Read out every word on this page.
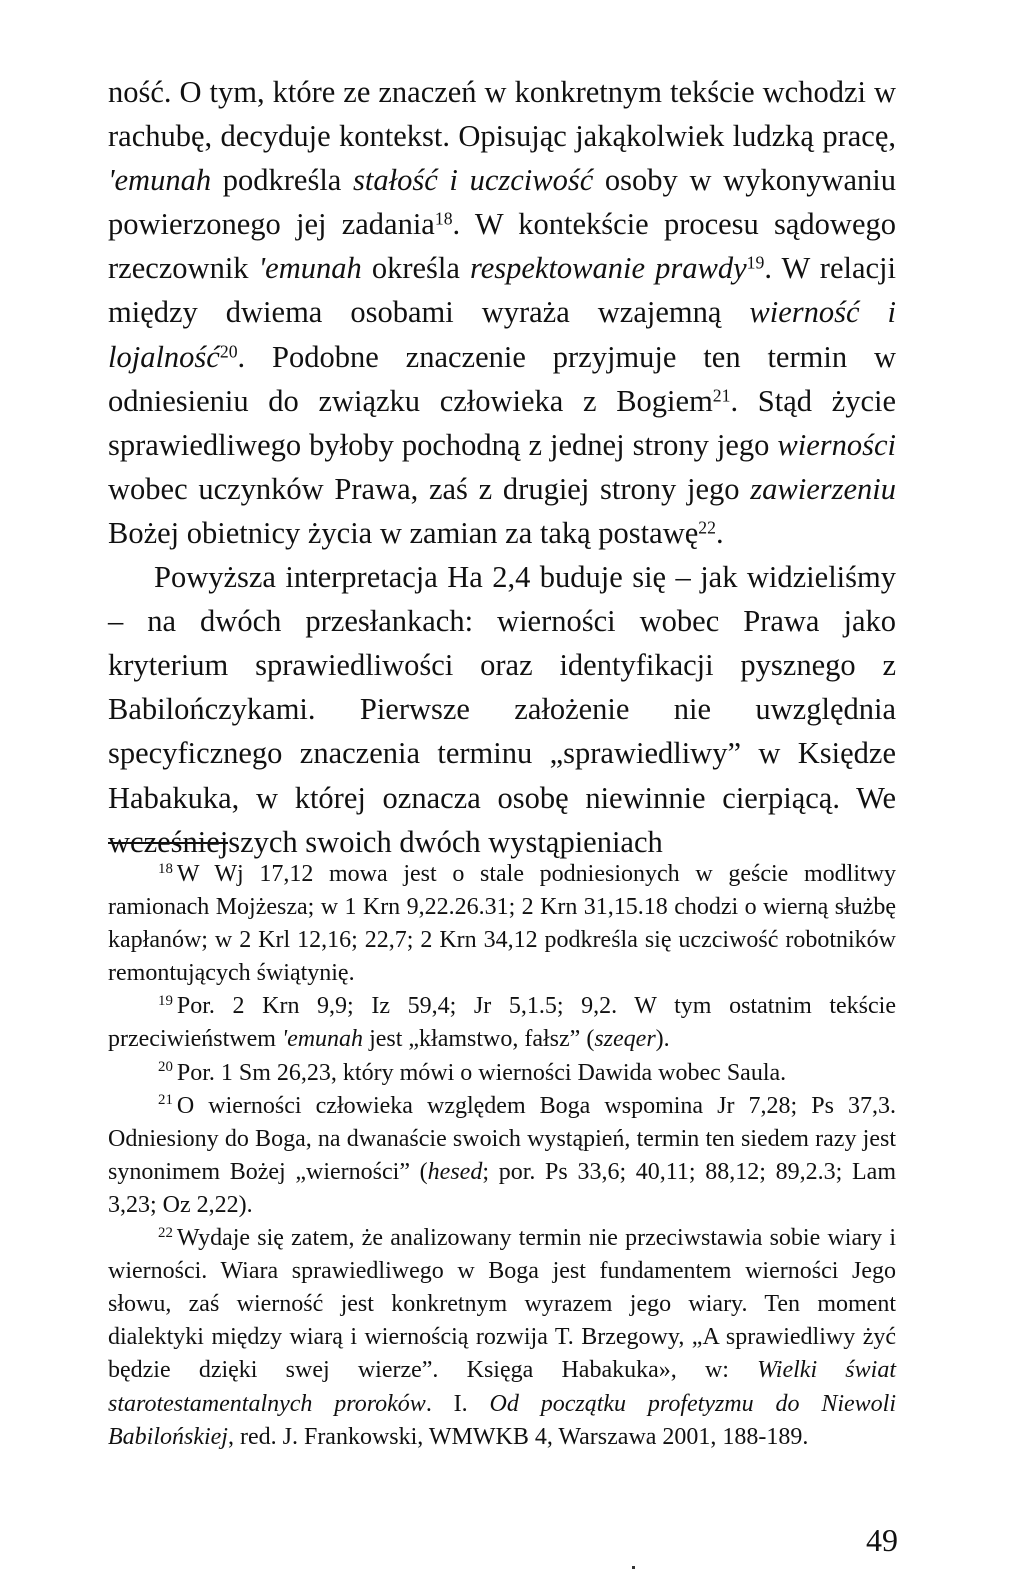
ność. O tym, które ze znaczeń w konkretnym tekście wchodzi w rachubę, decyduje kontekst. Opisując jakąkolwiek ludzką pracę, 'emunah podkreśla stałość i uczciwość osoby w wykonywaniu powierzonego jej zadania$^{18}$. W kontekście procesu sądowego rzeczownik 'emunah określa respektowanie prawdy$^{19}$. W relacji między dwiema osobami wyraża wzajemną wierność i lojalność$^{20}$. Podobne znaczenie przyjmuje ten termin w odniesieniu do związku człowieka z Bogiem$^{21}$. Stąd życie sprawiedliwego byłoby pochodną z jednej strony jego wierności wobec uczynków Prawa, zaś z drugiej strony jego zawierzeniu Bożej obietnicy życia w zamian za taką postawę$^{22}$.

Powyższa interpretacja Ha 2,4 buduje się – jak widzieliśmy – na dwóch przesłankach: wierności wobec Prawa jako kryterium sprawiedliwości oraz identyfikacji pysznego z Babilończykami. Pierwsze założenie nie uwzględnia specyficznego znaczenia terminu „sprawiedliwy” w Księdze Habakuka, w której oznacza osobę niewinnie cierpiącą. We wcześniejszych swoich dwóch wystąpieniach

$^{18}$ W Wj 17,12 mowa jest o stale podniesionych w geście modlitwy ramionach Mojżesza; w 1 Krn 9,22.26.31; 2 Krn 31,15.18 chodzi o wierną służbę kapłanów; w 2 Krl 12,16; 22,7; 2 Krn 34,12 podkreśla się uczciwość robotników remontujących świątynię.

$^{19}$ Por. 2 Krn 9,9; Iz 59,4; Jr 5,1.5; 9,2. W tym ostatnim tekście przeciwieństwem 'emunah jest „kłamstwo, fałsz” (szeqer).

$^{20}$ Por. 1 Sm 26,23, który mówi o wierności Dawida wobec Saula.

$^{21}$ O wierności człowieka względem Boga wspomina Jr 7,28; Ps 37,3. Odniesiony do Boga, na dwanaście swoich wystąpień, termin ten siedem razy jest synonimem Bożej „wierności” (hesed; por. Ps 33,6; 40,11; 88,12; 89,2.3; Lam 3,23; Oz 2,22).

$^{22}$ Wydaje się zatem, że analizowany termin nie przeciwstawia sobie wiary i wierności. Wiara sprawiedliwego w Boga jest fundamentem wierności Jego słowu, zaś wierność jest konkretnym wyrazem jego wiary. Ten moment dialektyki między wiarą i wiernością rozwija T. Brzegowy, „A sprawiedliwy żyć będzie dzięki swej wierze”. Księga Habakuka», w: Wielki świat starotestamentalnych proroków. I. Od początku profetyzmu do Niewoli Babilońskiej, red. J. Frankowski, WMWKB 4, Warszawa 2001, 188-189.

49
